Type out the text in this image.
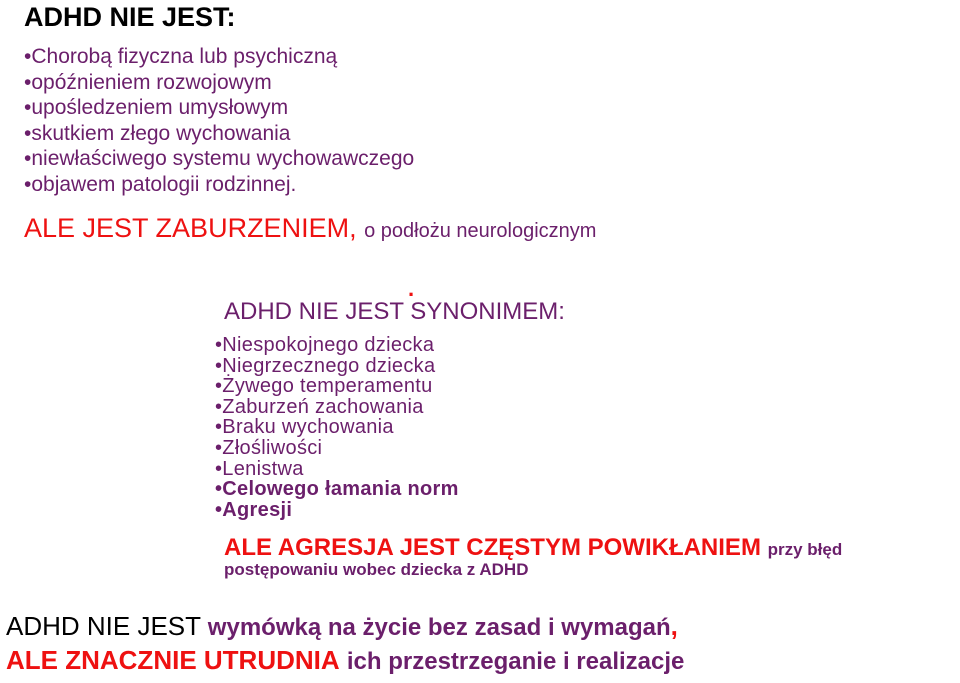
ADHD NIE JEST:
•Chorobą fizyczna lub psychiczną
•opóźnieniem rozwojowym
•upośledzeniem umysłowym
•skutkiem złego wychowania
•niewłaściwego systemu wychowawczego
•objawem patologii rodzinnej.
ALE JEST ZABURZENIEM, o podłożu neurologicznym
.
ADHD NIE JEST SYNONIMEM:
•Niespokojnego dziecka
•Niegrzecznego dziecka
•Żywego temperamentu
•Zaburzeń zachowania
•Braku wychowania
•Złośliwości
•Lenistwa
•Celowego łamania norm
•Agresji
ALE AGRESJA JEST CZĘSTYM POWIKŁANIEM przy błęd
postępowaniu wobec dziecka z ADHD
ADHD NIE JEST wymówką na życie bez zasad i wymagań,
ALE ZNACZNIE UTRUDNIA ich przestrzeganie i realizacje
